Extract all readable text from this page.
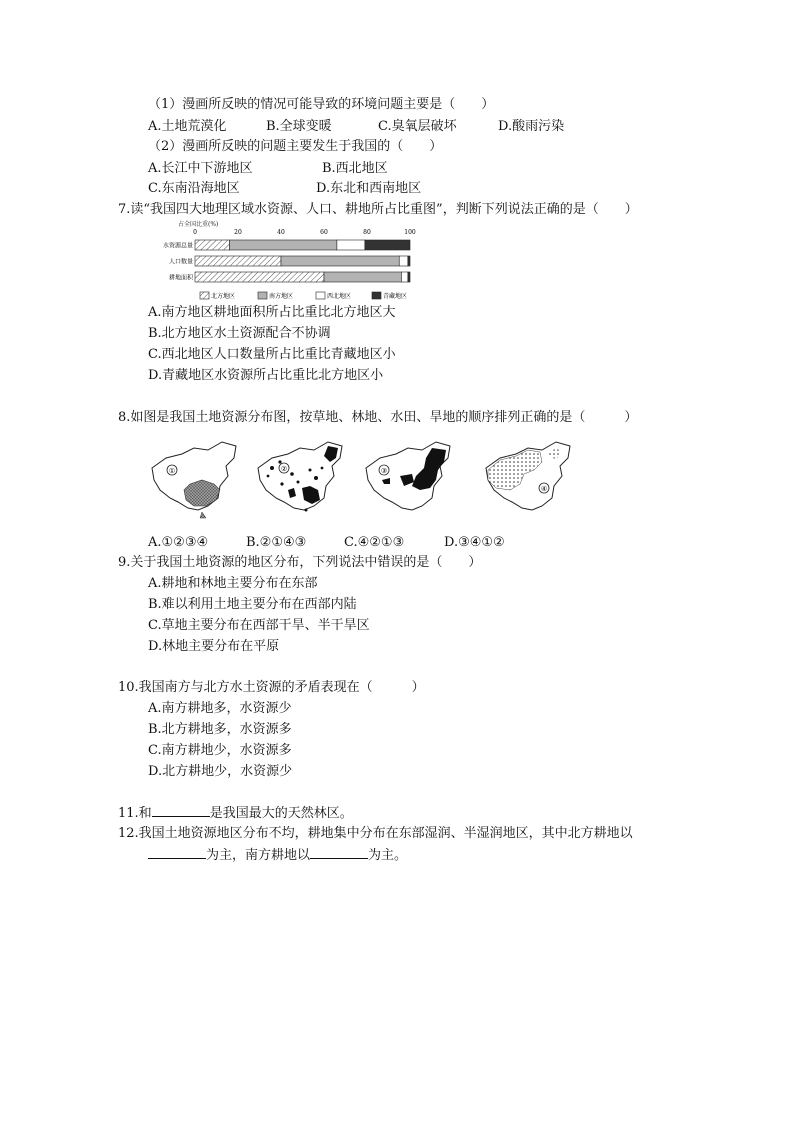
（1）漫画所反映的情况可能导致的环境问题主要是（　　）
A.土地荒漠化	B.全球变暖	C.臭氧层破坏	D.酸雨污染
（2）漫画所反映的问题主要发生于我国的（　　）
A.长江中下游地区	B.西北地区
C.东南沿海地区	D.东北和西南地区
7.读“我国四大地理区域水资源、人口、耕地所占比重图”，判断下列说法正确的是（　　）
占全国比重(%)
0	20	40	60	80	100
水资源总量
人口数量
耕地面积
北方地区	南方地区	西北地区	青藏地区
A.南方地区耕地面积所占比重比北方地区大
B.北方地区水土资源配合不协调
C.西北地区人口数量所占比重比青藏地区小
D.青藏地区水资源所占比重比北方地区小
8.如图是我国土地资源分布图，按草地、林地、水田、旱地的顺序排列正确的是（　　　）
①	②	③
④
A.①②③④	B.②①④③	C.④②①③	D.③④①②
9.关于我国土地资源的地区分布，下列说法中错误的是（　　）
A.耕地和林地主要分布在东部
B.难以利用土地主要分布在西部内陆
C.草地主要分布在西部干旱、半干旱区
D.林地主要分布在平原
10.我国南方与北方水土资源的矛盾表现在（　　　）
A.南方耕地多，水资源少
B.北方耕地多，水资源多
C.南方耕地少，水资源多
D.北方耕地少，水资源少
11.和	是我国最大的天然林区。
12.我国土地资源地区分布不均，耕地集中分布在东部湿润、半湿润地区，其中北方耕地以
为主，南方耕地以	为主。
